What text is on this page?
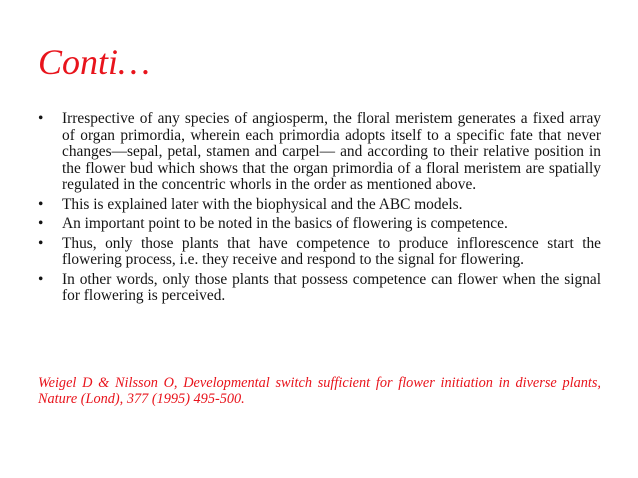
Conti…
•	Irrespective of any species of angiosperm, the floral meristem generates a fixed array of organ primordia, wherein each primordia adopts itself to a specific fate that never changes—sepal, petal, stamen and carpel— and according to their relative position in the flower bud which shows that the organ primordia of a floral meristem are spatially regulated in the concentric whorls in the order as mentioned above.
•	This is explained later with the biophysical and the ABC models.
•	An important point to be noted in the basics of flowering is competence.
•	Thus, only those plants that have competence to produce inflorescence start the flowering process, i.e. they receive and respond to the signal for flowering.
•	In other words, only those plants that possess competence can flower when the signal for flowering is perceived.

Weigel D & Nilsson O, Developmental switch sufficient for flower initiation in diverse plants, Nature (Lond), 377 (1995) 495-500.
